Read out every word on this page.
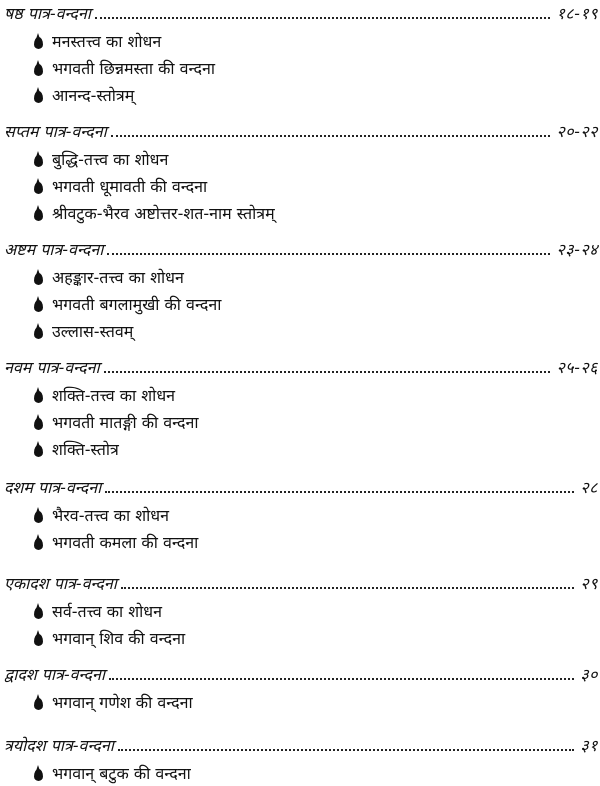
षष्ठ पात्र-वन्दना	१८-१९
मनस्तत्त्व का शोधन
भगवती छिन्नमस्ता की वन्दना
आनन्द-स्तोत्रम्
सप्तम पात्र-वन्दना	२०-२२
बुद्धि-तत्त्व का शोधन
भगवती धूमावती की वन्दना
श्रीवटुक-भैरव अष्टोत्तर-शत-नाम स्तोत्रम्
अष्टम पात्र-वन्दना	२३-२४
अहङ्कार-तत्त्व का शोधन
भगवती बगलामुखी की वन्दना
उल्लास-स्तवम्
नवम पात्र-वन्दना	२५-२६
शक्ति-तत्त्व का शोधन
भगवती मातङ्गी की वन्दना
शक्ति-स्तोत्र
दशम पात्र-वन्दना	२८
भैरव-तत्त्व का शोधन
भगवती कमला की वन्दना
एकादश पात्र-वन्दना	२९
सर्व-तत्त्व का शोधन
भगवान् शिव की वन्दना
द्वादश पात्र-वन्दना	३०
भगवान् गणेश की वन्दना
त्रयोदश पात्र-वन्दना	३१
भगवान् बटुक की वन्दना
